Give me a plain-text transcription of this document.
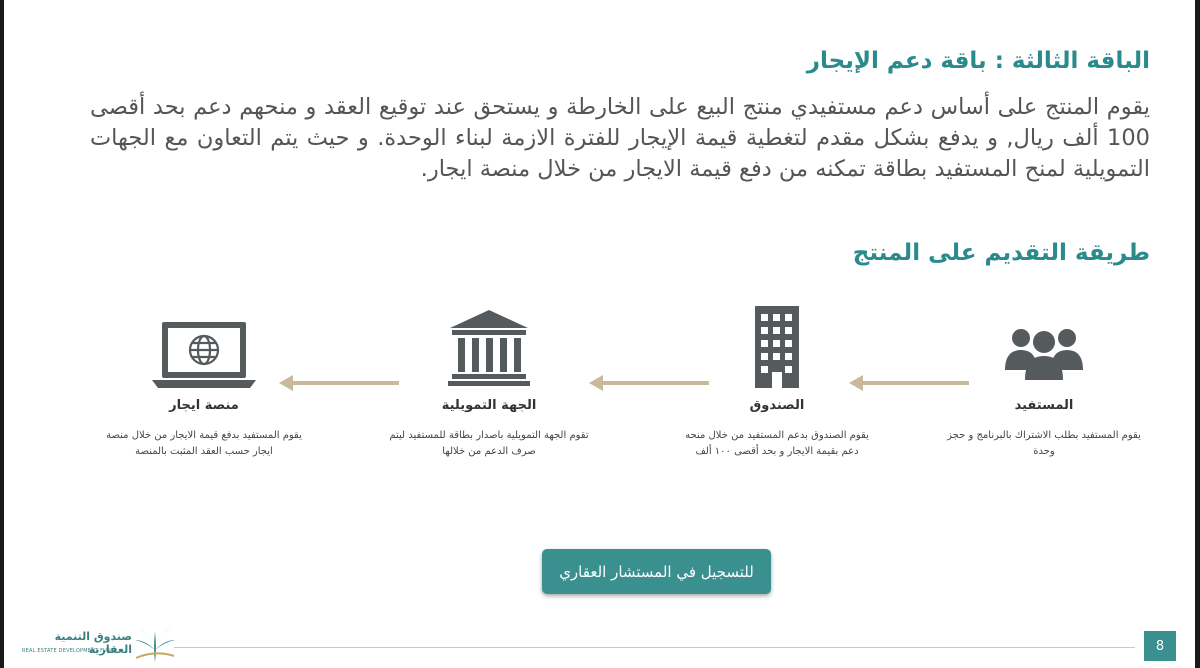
الباقة الثالثة : باقة دعم الإيجار
يقوم المنتج على أساس دعم مستفيدي منتج البيع على الخارطة و يستحق عند توقيع العقد و منحهم دعم بحد أقصى 100 ألف ريال, و يدفع بشكل مقدم لتغطية قيمة الإيجار للفترة الازمة لبناء الوحدة. و حيث يتم التعاون مع الجهات التمويلية لمنح المستفيد بطاقة تمكنه من دفع قيمة الايجار من خلال منصة ايجار.
طريقة التقديم على المنتج
المستفيد
يقوم المستفيد بطلب الاشتراك بالبرنامج و حجز وحدة
الصندوق
يقوم الصندوق بدعم المستفيد من خلال منحه دعم بقيمة الايجار و بحد أقصى ١٠٠ ألف
الجهة التمويلية
تقوم الجهة التمويلية باصدار بطاقة للمستفيد ليتم صرف الدعم من خلالها
منصة ايجار
يقوم المستفيد بدفع قيمة الايجار من خلال منصة ايجار حسب العقد المثبت بالمنصة
للتسجيل في المستشار العقاري
صندوق التنمية العقارية
REAL ESTATE DEVELOPMENT FUND	8
